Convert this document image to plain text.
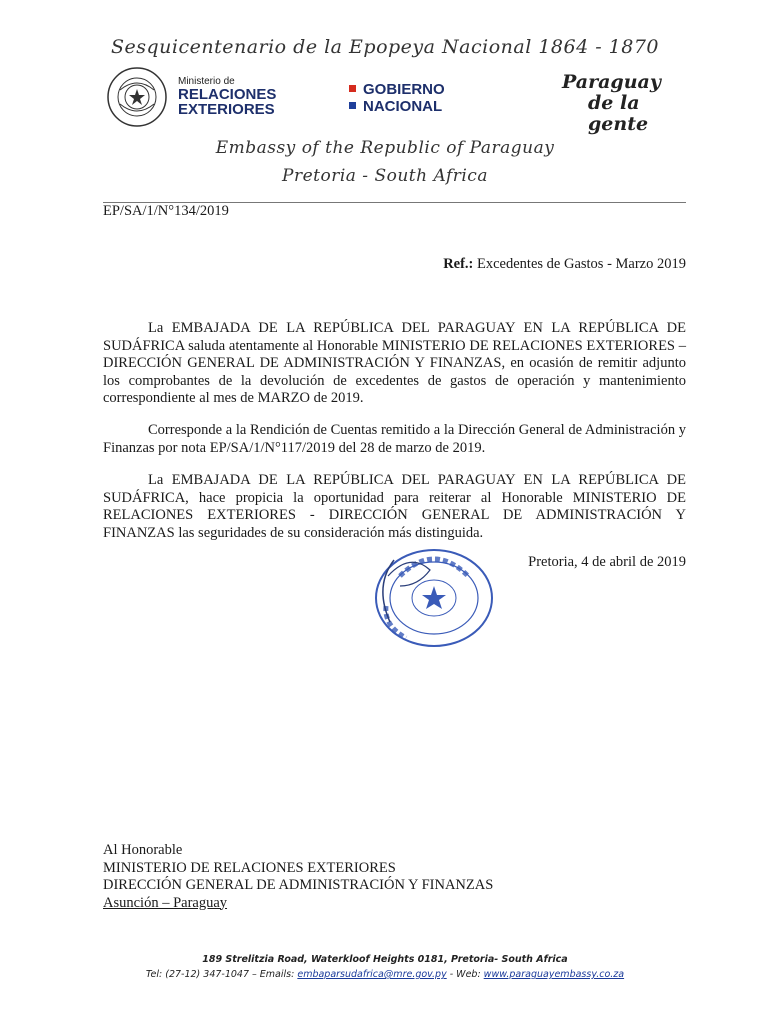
Sesquicentenario de la Epopeya Nacional 1864 - 1870
Ministerio de
RELACIONES
EXTERIORES
GOBIERNO
NACIONAL
Paraguay
de la gente
Embassy of the Republic of Paraguay
Pretoria - South Africa
EP/SA/1/N°134/2019
Ref.: Excedentes de Gastos - Marzo 2019
La EMBAJADA DE LA REPÚBLICA DEL PARAGUAY EN LA REPÚBLICA DE SUDÁFRICA saluda atentamente al Honorable MINISTERIO DE RELACIONES EXTERIORES – DIRECCIÓN GENERAL DE ADMINISTRACIÓN Y FINANZAS, en ocasión de remitir adjunto los comprobantes de la devolución de excedentes de gastos de operación y mantenimiento correspondiente al mes de MARZO de 2019.
Corresponde a la Rendición de Cuentas remitido a la Dirección General de Administración y Finanzas por nota EP/SA/1/N°117/2019 del 28 de marzo de 2019.
La EMBAJADA DE LA REPÚBLICA DEL PARAGUAY EN LA REPÚBLICA DE SUDÁFRICA, hace propicia la oportunidad para reiterar al Honorable MINISTERIO DE RELACIONES EXTERIORES - DIRECCIÓN GENERAL DE ADMINISTRACIÓN Y FINANZAS las seguridades de su consideración más distinguida.
Pretoria, 4 de abril de 2019
Al Honorable
MINISTERIO DE RELACIONES EXTERIORES
DIRECCIÓN GENERAL DE ADMINISTRACIÓN Y FINANZAS
Asunción – Paraguay
189 Strelitzia Road, Waterkloof Heights 0181, Pretoria- South Africa
Tel: (27-12) 347-1047 – Emails: embaparsudafrica@mre.gov.py - Web: www.paraguayembassy.co.za
